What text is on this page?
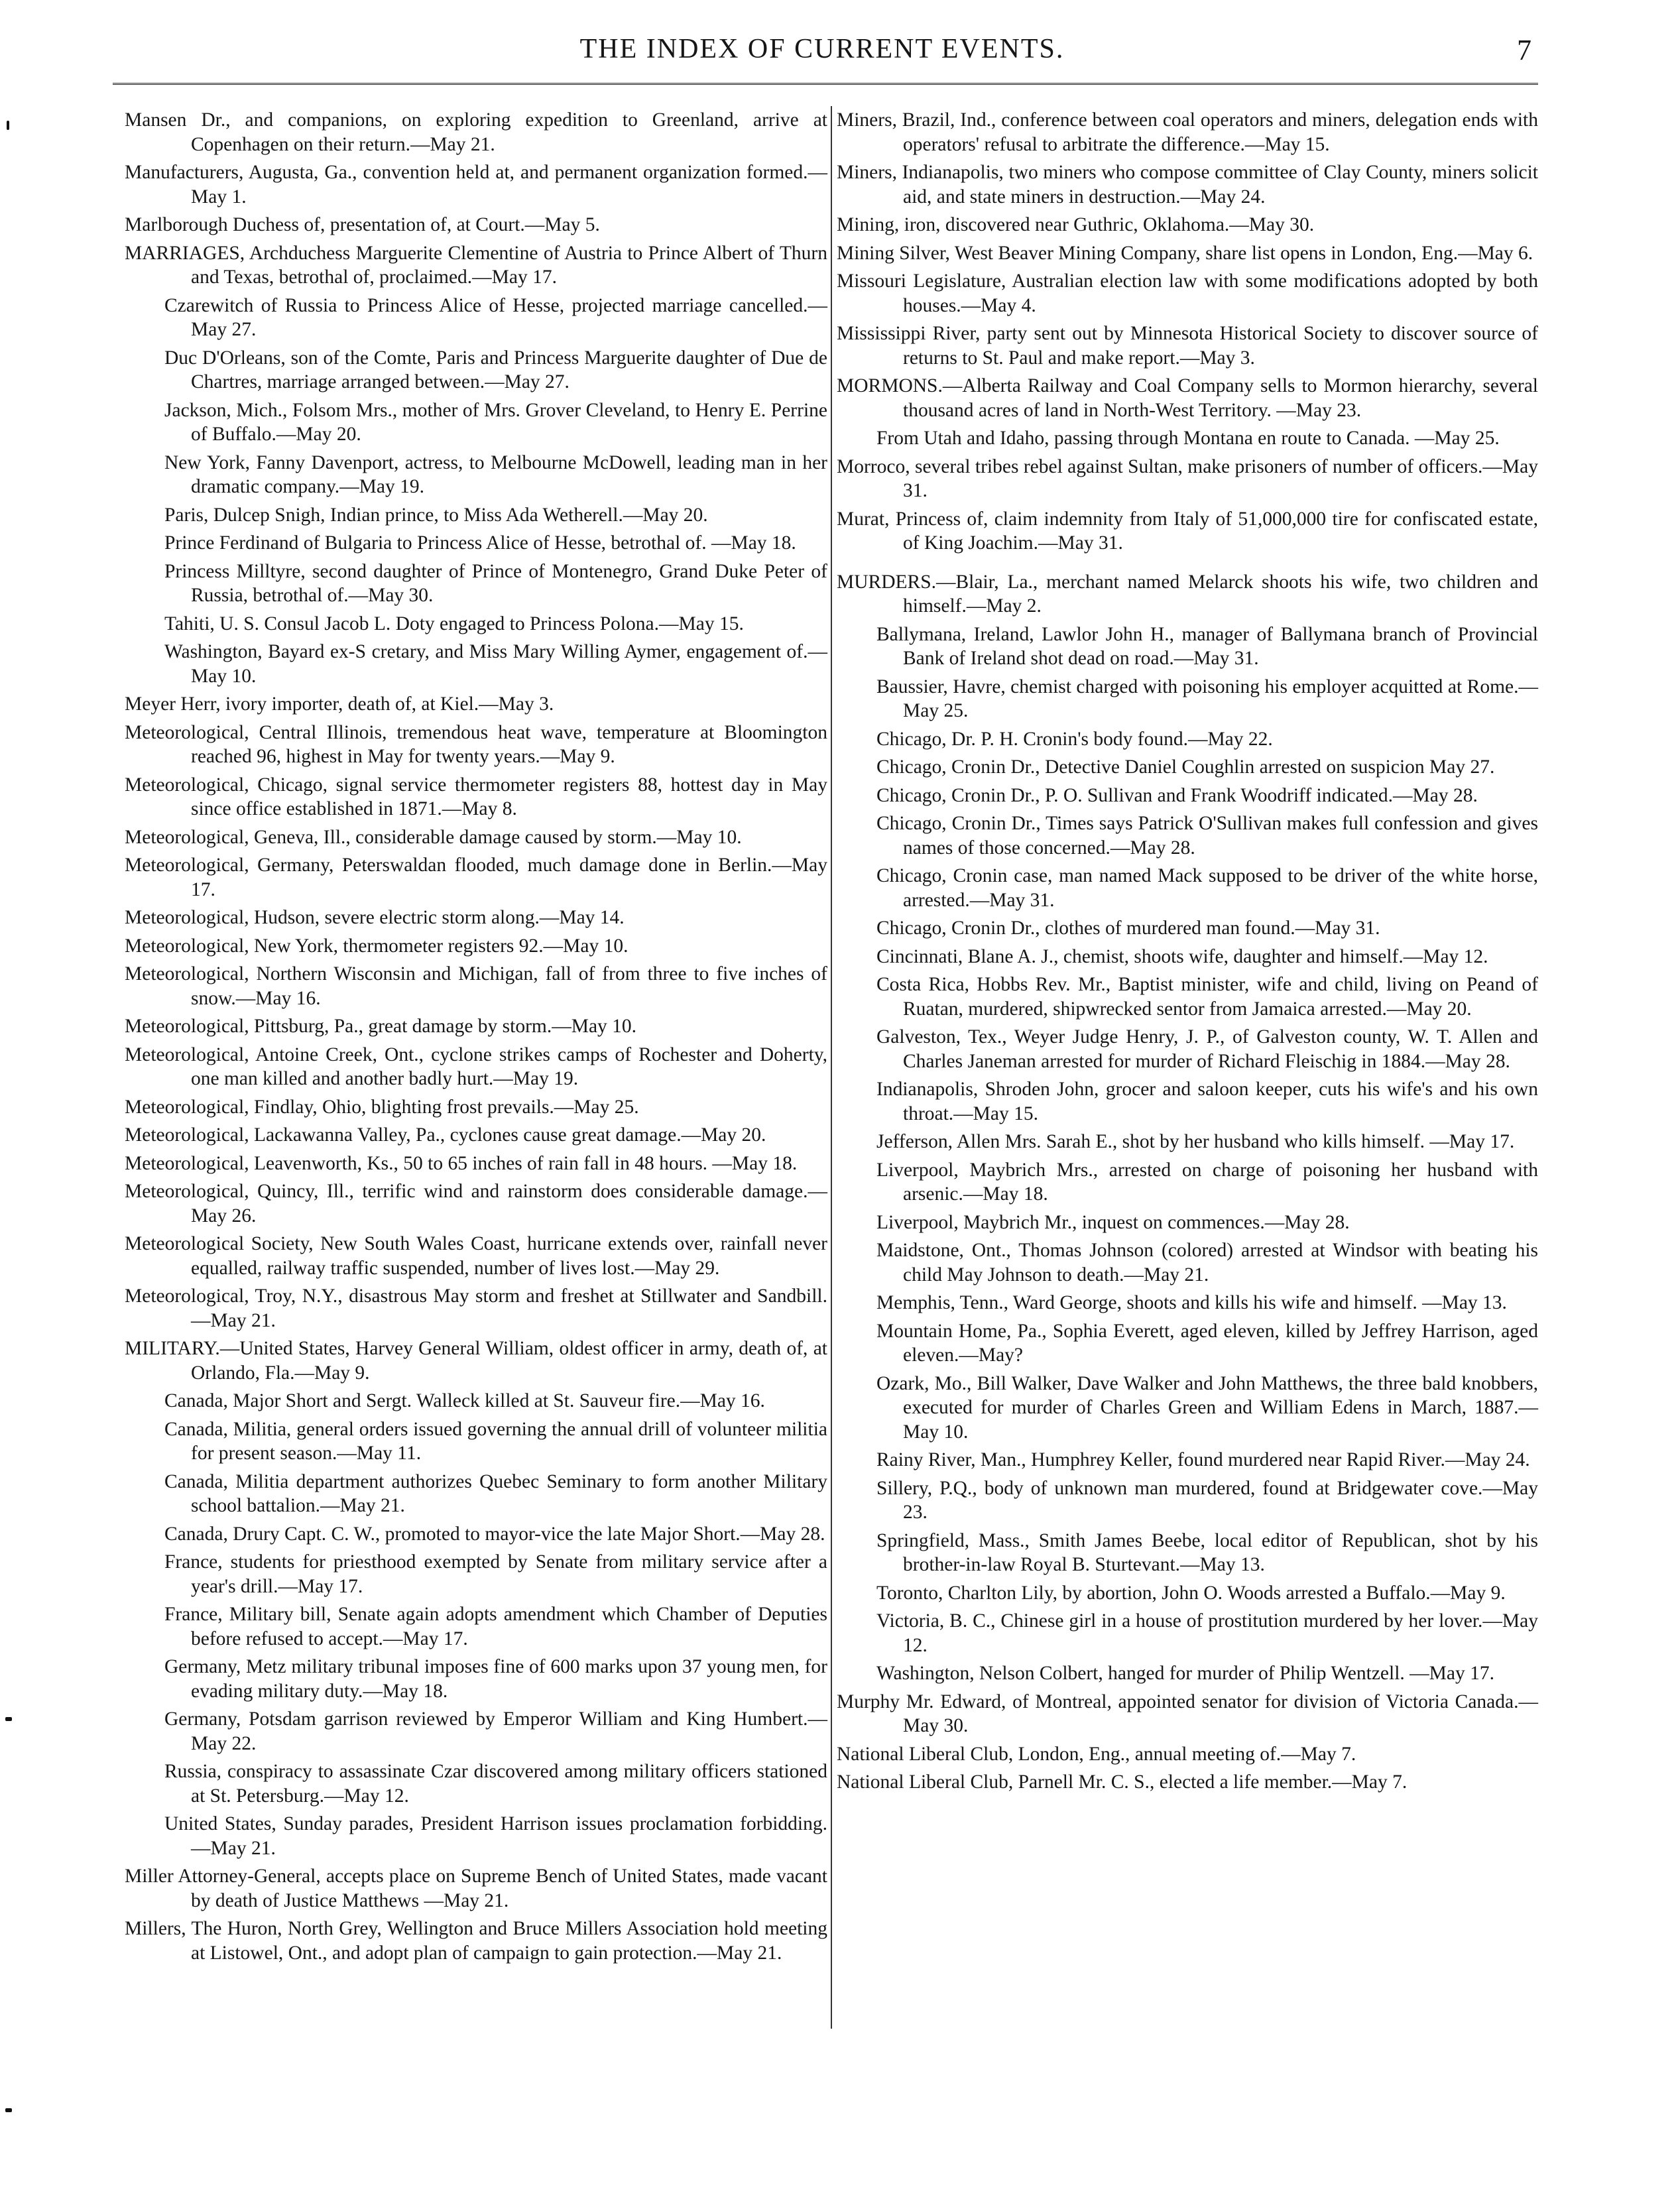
THE INDEX OF CURRENT EVENTS.	7
Mansen Dr., and companions, on exploring expedition to Greenland, arrive at Copenhagen on their return.—May 21.
Manufacturers, Augusta, Ga., convention held at, and permanent organization formed.—May 1.
Marlborough Duchess of, presentation of, at Court.—May 5.
MARRIAGES, Archduchess Marguerite Clementine of Austria to Prince Albert of Thurn and Texas, betrothal of, proclaimed.—May 17.
Czarewitch of Russia to Princess Alice of Hesse, projected marriage cancelled.—May 27.
Duc D'Orleans, son of the Comte, Paris and Princess Marguerite daughter of Due de Chartres, marriage arranged between.—May 27.
Jackson, Mich., Folsom Mrs., mother of Mrs. Grover Cleveland, to Henry E. Perrine of Buffalo.—May 20.
New York, Fanny Davenport, actress, to Melbourne McDowell, leading man in her dramatic company.—May 19.
Paris, Dulcep Snigh, Indian prince, to Miss Ada Wetherell.—May 20.
Prince Ferdinand of Bulgaria to Princess Alice of Hesse, betrothal of. —May 18.
Princess Milltyre, second daughter of Prince of Montenegro, Grand Duke Peter of Russia, betrothal of.—May 30.
Tahiti, U. S. Consul Jacob L. Doty engaged to Princess Polona.—May 15.
Washington, Bayard ex-S cretary, and Miss Mary Willing Aymer, engagement of.—May 10.
Meyer Herr, ivory importer, death of, at Kiel.—May 3.
Meteorological, Central Illinois, tremendous heat wave, temperature at Bloomington reached 96, highest in May for twenty years.—May 9.
Meteorological, Chicago, signal service thermometer registers 88, hottest day in May since office established in 1871.—May 8.
Meteorological, Geneva, Ill., considerable damage caused by storm.—May 10.
Meteorological, Germany, Peterswaldan flooded, much damage done in Berlin.—May 17.
Meteorological, Hudson, severe electric storm along.—May 14.
Meteorological, New York, thermometer registers 92.—May 10.
Meteorological, Northern Wisconsin and Michigan, fall of from three to five inches of snow.—May 16.
Meteorological, Pittsburg, Pa., great damage by storm.—May 10.
Meteorological, Antoine Creek, Ont., cyclone strikes camps of Rochester and Doherty, one man killed and another badly hurt.—May 19.
Meteorological, Findlay, Ohio, blighting frost prevails.—May 25.
Meteorological, Lackawanna Valley, Pa., cyclones cause great damage.—May 20.
Meteorological, Leavenworth, Ks., 50 to 65 inches of rain fall in 48 hours. —May 18.
Meteorological, Quincy, Ill., terrific wind and rainstorm does considerable damage.—May 26.
Meteorological Society, New South Wales Coast, hurricane extends over, rainfall never equalled, railway traffic suspended, number of lives lost.—May 29.
Meteorological, Troy, N.Y., disastrous May storm and freshet at Stillwater and Sandbill.—May 21.
MILITARY.—United States, Harvey General William, oldest officer in army, death of, at Orlando, Fla.—May 9.
Canada, Major Short and Sergt. Walleck killed at St. Sauveur fire.—May 16.
Canada, Militia, general orders issued governing the annual drill of volunteer militia for present season.—May 11.
Canada, Militia department authorizes Quebec Seminary to form another Military school battalion.—May 21.
Canada, Drury Capt. C. W., promoted to mayor-vice the late Major Short.—May 28.
France, students for priesthood exempted by Senate from military service after a year's drill.—May 17.
France, Military bill, Senate again adopts amendment which Chamber of Deputies before refused to accept.—May 17.
Germany, Metz military tribunal imposes fine of 600 marks upon 37 young men, for evading military duty.—May 18.
Germany, Potsdam garrison reviewed by Emperor William and King Humbert.—May 22.
Russia, conspiracy to assassinate Czar discovered among military officers stationed at St. Petersburg.—May 12.
United States, Sunday parades, President Harrison issues proclamation forbidding.—May 21.
Miller Attorney-General, accepts place on Supreme Bench of United States, made vacant by death of Justice Matthews —May 21.
Millers, The Huron, North Grey, Wellington and Bruce Millers Association hold meeting at Listowel, Ont., and adopt plan of campaign to gain protection.—May 21.
Miners, Brazil, Ind., conference between coal operators and miners, delegation ends with operators' refusal to arbitrate the difference.—May 15.
Miners, Indianapolis, two miners who compose committee of Clay County, miners solicit aid, and state miners in destruction.—May 24.
Mining, iron, discovered near Guthric, Oklahoma.—May 30.
Mining Silver, West Beaver Mining Company, share list opens in London, Eng.—May 6.
Missouri Legislature, Australian election law with some modifications adopted by both houses.—May 4.
Mississippi River, party sent out by Minnesota Historical Society to discover source of returns to St. Paul and make report.—May 3.
MORMONS.—Alberta Railway and Coal Company sells to Mormon hierarchy, several thousand acres of land in North-West Territory. —May 23.
From Utah and Idaho, passing through Montana en route to Canada. —May 25.
Morroco, several tribes rebel against Sultan, make prisoners of number of officers.—May 31.
Murat, Princess of, claim indemnity from Italy of 51,000,000 tire for confiscated estate, of King Joachim.—May 31.
MURDERS.—Blair, La., merchant named Melarck shoots his wife, two children and himself.—May 2.
Ballymana, Ireland, Lawlor John H., manager of Ballymana branch of Provincial Bank of Ireland shot dead on road.—May 31.
Baussier, Havre, chemist charged with poisoning his employer acquitted at Rome.—May 25.
Chicago, Dr. P. H. Cronin's body found.—May 22.
Chicago, Cronin Dr., Detective Daniel Coughlin arrested on suspicion May 27.
Chicago, Cronin Dr., P. O. Sullivan and Frank Woodriff indicated.—May 28.
Chicago, Cronin Dr., Times says Patrick O'Sullivan makes full confession and gives names of those concerned.—May 28.
Chicago, Cronin case, man named Mack supposed to be driver of the white horse, arrested.—May 31.
Chicago, Cronin Dr., clothes of murdered man found.—May 31.
Cincinnati, Blane A. J., chemist, shoots wife, daughter and himself.—May 12.
Costa Rica, Hobbs Rev. Mr., Baptist minister, wife and child, living on Peand of Ruatan, murdered, shipwrecked sentor from Jamaica arrested.—May 20.
Galveston, Tex., Weyer Judge Henry, J. P., of Galveston county, W. T. Allen and Charles Janeman arrested for murder of Richard Fleischig in 1884.—May 28.
Indianapolis, Shroden John, grocer and saloon keeper, cuts his wife's and his own throat.—May 15.
Jefferson, Allen Mrs. Sarah E., shot by her husband who kills himself. —May 17.
Liverpool, Maybrich Mrs., arrested on charge of poisoning her husband with arsenic.—May 18.
Liverpool, Maybrich Mr., inquest on commences.—May 28.
Maidstone, Ont., Thomas Johnson (colored) arrested at Windsor with beating his child May Johnson to death.—May 21.
Memphis, Tenn., Ward George, shoots and kills his wife and himself. —May 13.
Mountain Home, Pa., Sophia Everett, aged eleven, killed by Jeffrey Harrison, aged eleven.—May?
Ozark, Mo., Bill Walker, Dave Walker and John Matthews, the three bald knobbers, executed for murder of Charles Green and William Edens in March, 1887.—May 10.
Rainy River, Man., Humphrey Keller, found murdered near Rapid River.—May 24.
Sillery, P.Q., body of unknown man murdered, found at Bridgewater cove.—May 23.
Springfield, Mass., Smith James Beebe, local editor of Republican, shot by his brother-in-law Royal B. Sturtevant.—May 13.
Toronto, Charlton Lily, by abortion, John O. Woods arrested a Buffalo.—May 9.
Victoria, B. C., Chinese girl in a house of prostitution murdered by her lover.—May 12.
Washington, Nelson Colbert, hanged for murder of Philip Wentzell. —May 17.
Murphy Mr. Edward, of Montreal, appointed senator for division of Victoria Canada.—May 30.
National Liberal Club, London, Eng., annual meeting of.—May 7.
National Liberal Club, Parnell Mr. C. S., elected a life member.—May 7.
